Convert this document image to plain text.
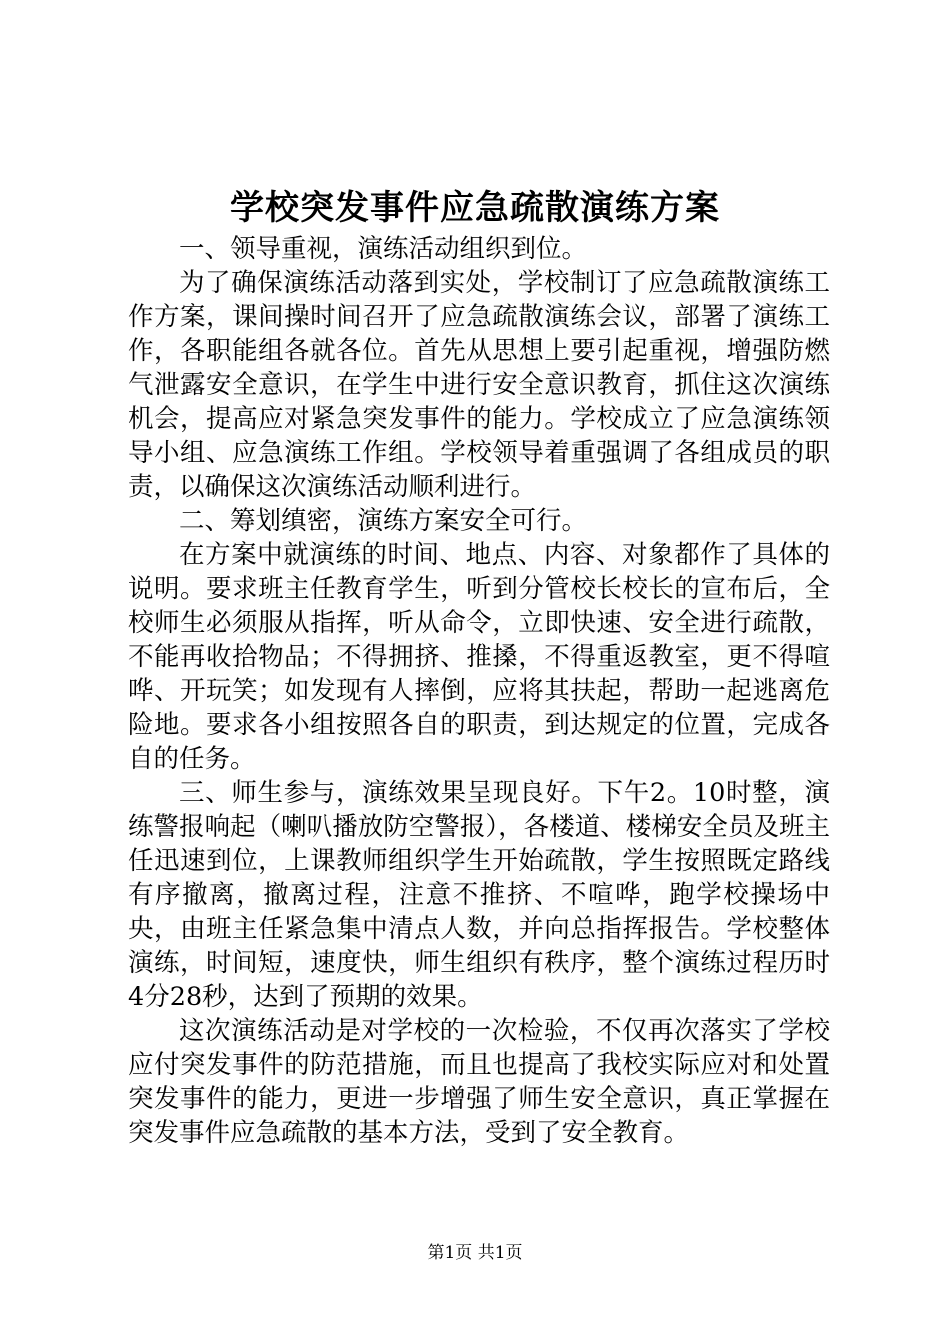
学校突发事件应急疏散演练方案

一、领导重视，演练活动组织到位。

为了确保演练活动落到实处，学校制订了应急疏散演练工作方案，课间操时间召开了应急疏散演练会议，部署了演练工作，各职能组各就各位。首先从思想上要引起重视，增强防燃气泄露安全意识，在学生中进行安全意识教育，抓住这次演练机会，提高应对紧急突发事件的能力。学校成立了应急演练领导小组、应急演练工作组。学校领导着重强调了各组成员的职责，以确保这次演练活动顺利进行。

二、筹划缜密，演练方案安全可行。

在方案中就演练的时间、地点、内容、对象都作了具体的说明。要求班主任教育学生，听到分管校长校长的宣布后，全校师生必须服从指挥，听从命令，立即快速、安全进行疏散，不能再收拾物品；不得拥挤、推搡，不得重返教室，更不得喧哗、开玩笑；如发现有人摔倒，应将其扶起，帮助一起逃离危险地。要求各小组按照各自的职责，到达规定的位置，完成各自的任务。

三、师生参与，演练效果呈现良好。下午2。10时整，演练警报响起（喇叭播放防空警报），各楼道、楼梯安全员及班主任迅速到位，上课教师组织学生开始疏散，学生按照既定路线有序撤离，撤离过程，注意不推挤、不喧哗，跑学校操场中央，由班主任紧急集中清点人数，并向总指挥报告。学校整体演练，时间短，速度快，师生组织有秩序，整个演练过程历时4分28秒，达到了预期的效果。

这次演练活动是对学校的一次检验，不仅再次落实了学校应付突发事件的防范措施，而且也提高了我校实际应对和处置突发事件的能力，更进一步增强了师生安全意识，真正掌握在突发事件应急疏散的基本方法，受到了安全教育。

第1页 共1页
